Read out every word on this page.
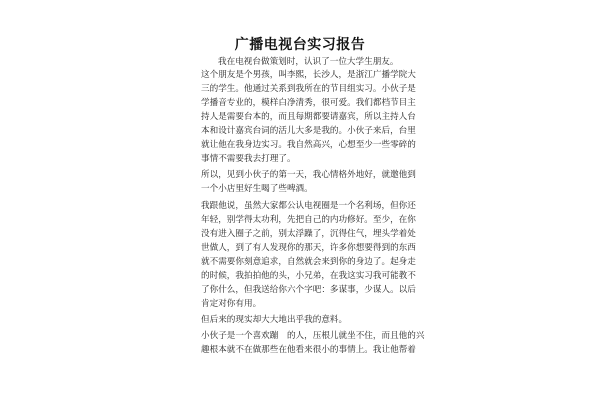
广播电视台实习报告
我在电视台做策划时，认识了一位大学生朋友。
这个朋友是个男孩，叫李熙，长沙人，是浙江广播学院大
三的学生。他通过关系到我所在的节目组实习。小伙子是
学播音专业的，模样白净清秀，很可爱。我们都档节目主
持人是需要台本的，而且每期都要请嘉宾，所以主持人台
本和设计嘉宾台词的活儿大多是我的。小伙子来后，台里
就让他在我身边实习。我自然高兴，心想至少一些零碎的
事情不需要我去打理了。
所以，见到小伙子的第一天，我心情格外地好，就邀他到
一个小店里好生喝了些啤酒。
我跟他说，虽然大家都公认电视圈是一个名利场，但你还
年轻，别学得太功利，先把自己的内功修好。至少，在你
没有进入圈子之前，别太浮躁了，沉得住气，埋头学着处
世做人，到了有人发现你的那天，许多你想要得到的东西
就不需要你刻意追求，自然就会来到你的身边了。起身走
的时候，我拍拍他的头，小兄弟，在我这实习我可能教不
了你什么，但我送给你六个字吧：多谋事，少谋人。以后
肯定对你有用。
但后来的现实却大大地出乎我的意料。
小伙子是一个喜欢蹦　的人，压根儿就坐不住，而且他的兴
趣根本就不在做那些在他看来很小的事情上。我让他帮着
